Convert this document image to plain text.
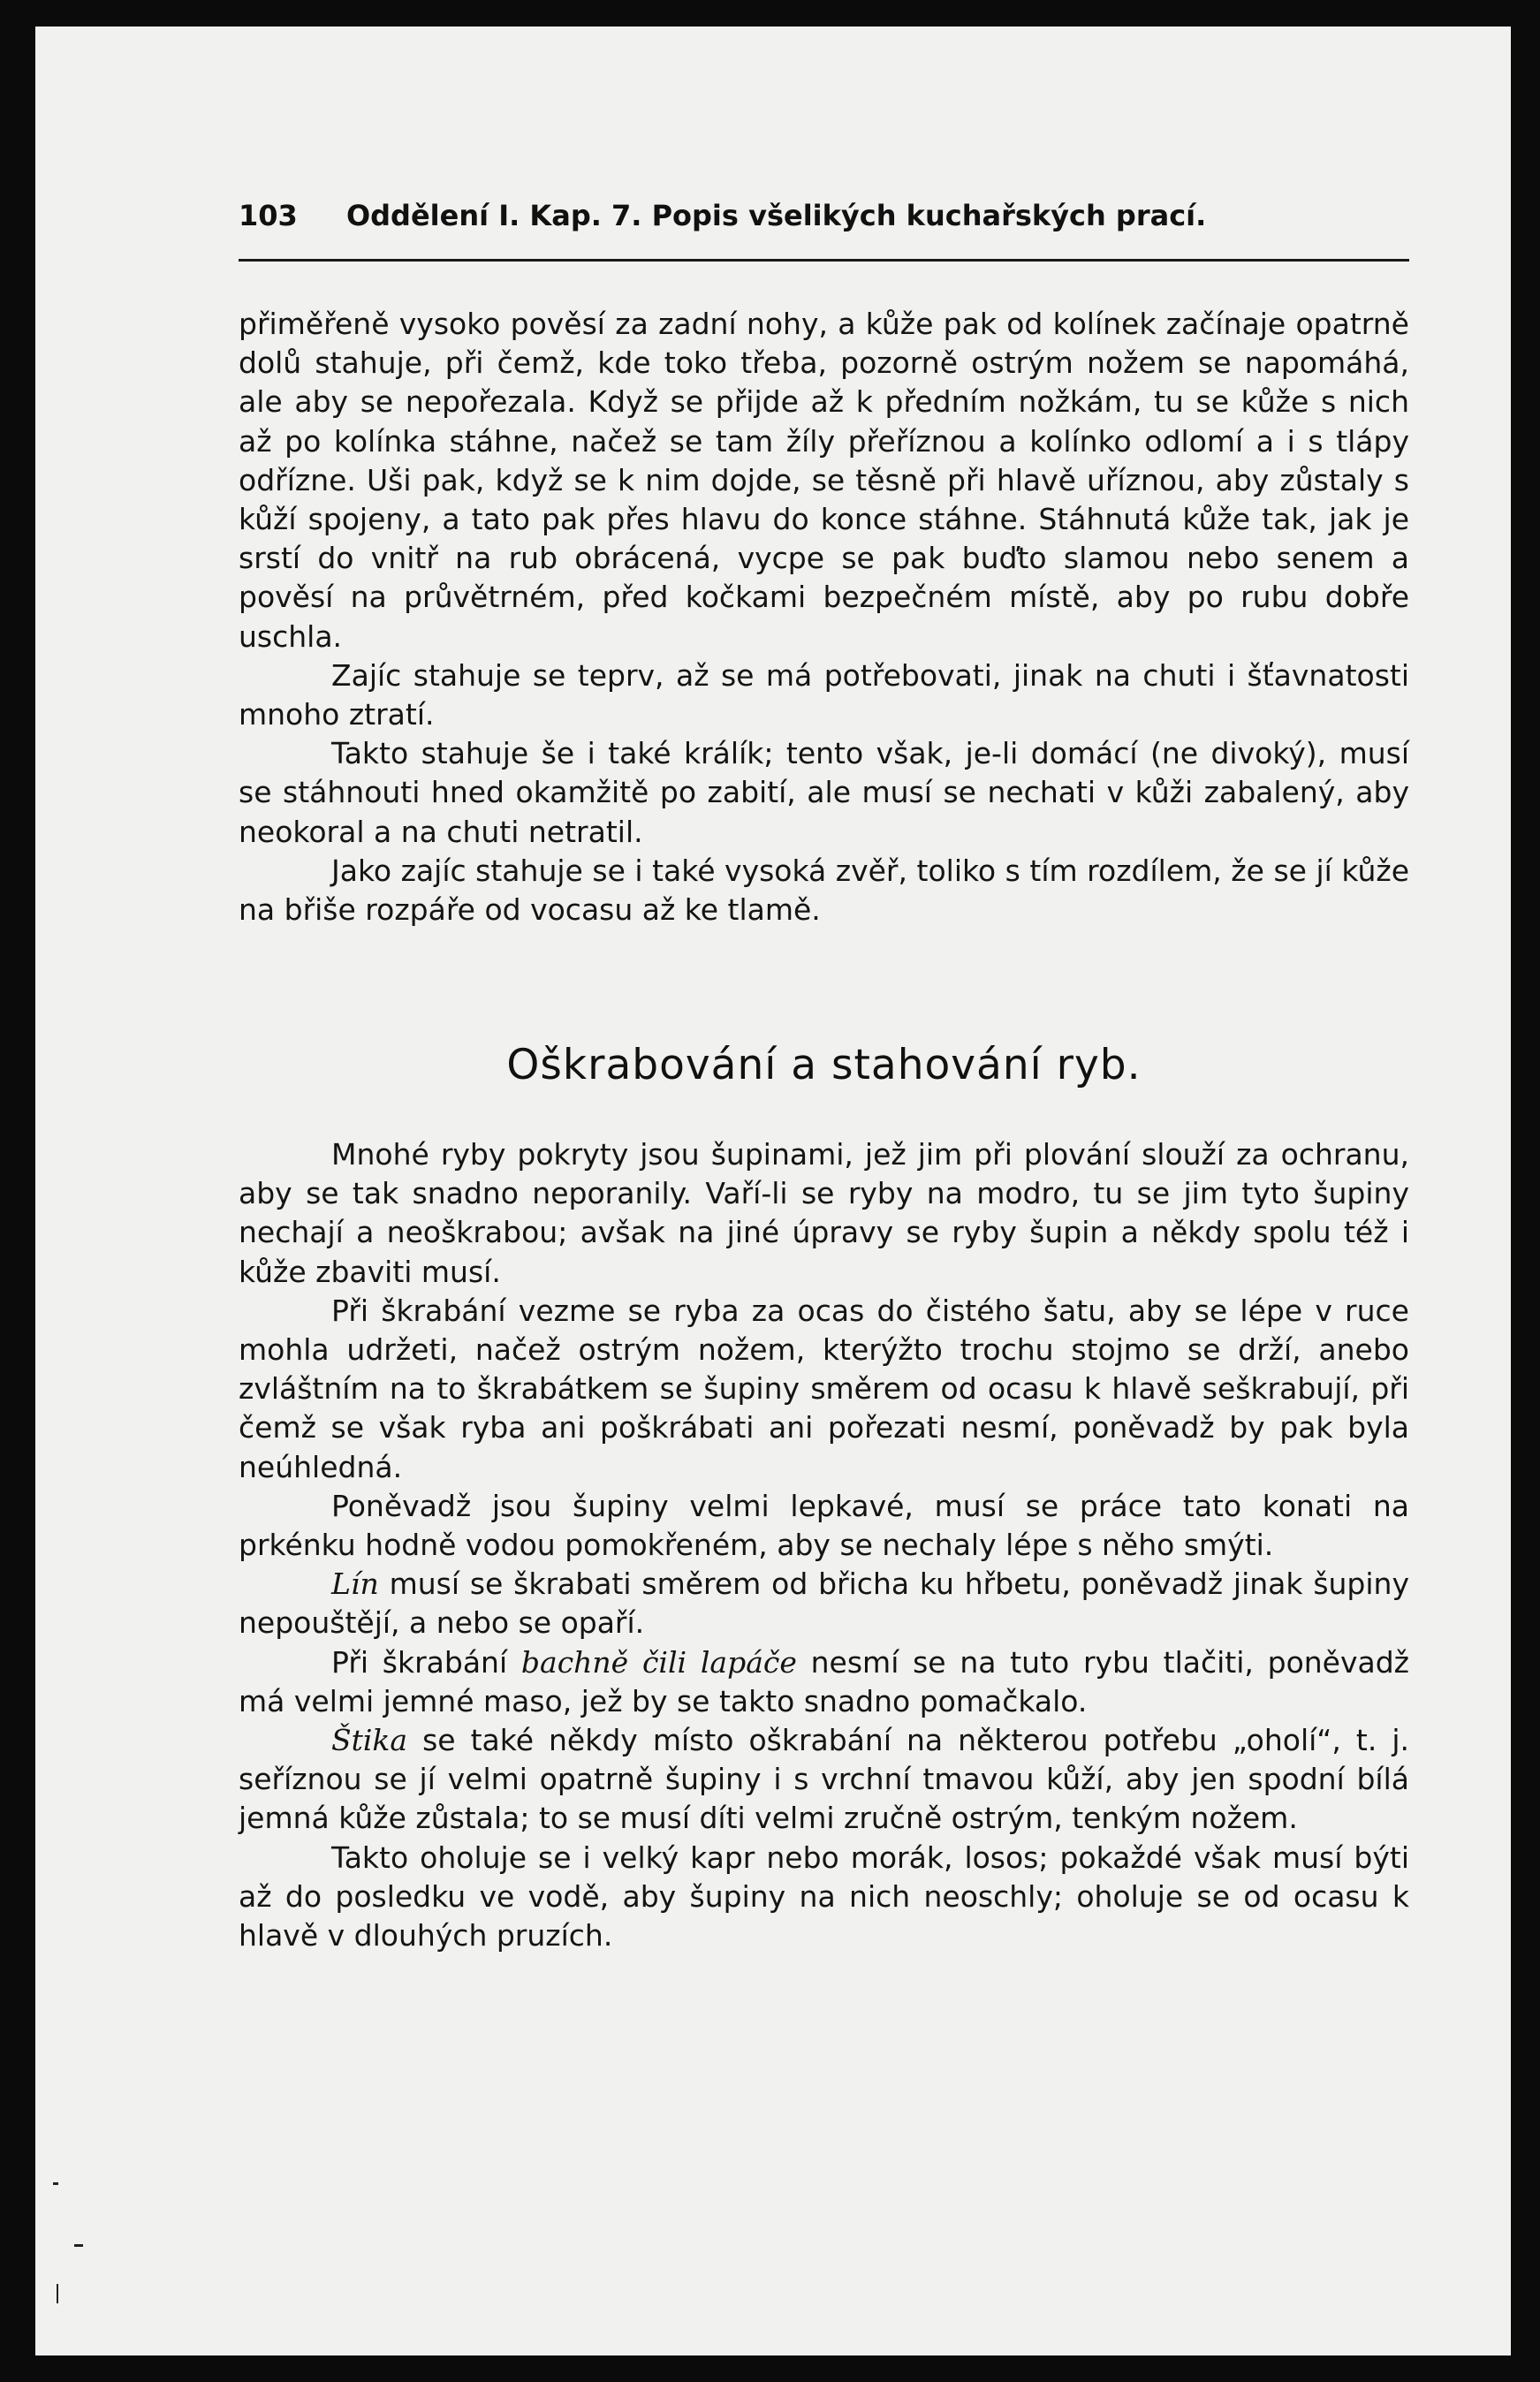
103 Oddělení I. Kap. 7. Popis všelikých kuchařských prací.

přiměřeně vysoko pověsí za zadní nohy, a kůže pak od kolínek začínaje opatrně dolů stahuje, při čemž, kde toko třeba, pozorně ostrým nožem se napomáhá, ale aby se nepořezala. Když se přijde až k předním nožkám, tu se kůže s nich až po kolínka stáhne, načež se tam žíly přeříznou a kolínko odlomí a i s tlápy odřízne. Uši pak, když se k nim dojde, se těsně při hlavě uříznou, aby zůstaly s kůží spojeny, a tato pak přes hlavu do konce stáhne. Stáhnutá kůže tak, jak je srstí do vnitř na rub obrácená, vycpe se pak buďto slamou nebo senem a pověsí na průvětrném, před kočkami bezpečném místě, aby po rubu dobře uschla.

Zajíc stahuje se teprv, až se má potřebovati, jinak na chuti i šťavnatosti mnoho ztratí.

Takto stahuje še i také králík; tento však, je-li domácí (ne divoký), musí se stáhnouti hned okamžitě po zabití, ale musí se nechati v kůži zabalený, aby neokoral a na chuti netratil.

Jako zajíc stahuje se i také vysoká zvěř, toliko s tím rozdílem, že se jí kůže na břiše rozpáře od vocasu až ke tlamě.

Oškrabování a stahování ryb.

Mnohé ryby pokryty jsou šupinami, jež jim při plování slouží za ochranu, aby se tak snadno neporanily. Vaří-li se ryby na modro, tu se jim tyto šupiny nechají a neoškrabou; avšak na jiné úpravy se ryby šupin a někdy spolu též i kůže zbaviti musí.

Při škrabání vezme se ryba za ocas do čistého šatu, aby se lépe v ruce mohla udržeti, načež ostrým nožem, kterýžto trochu stojmo se drží, anebo zvláštním na to škrabátkem se šupiny směrem od ocasu k hlavě seškrabují, při čemž se však ryba ani poškrábati ani pořezati nesmí, poněvadž by pak byla neúhledná.

Poněvadž jsou šupiny velmi lepkavé, musí se práce tato konati na prkénku hodně vodou pomokřeném, aby se nechaly lépe s něho smýti.

Lín musí se škrabati směrem od břicha ku hřbetu, poněvadž jinak šupiny nepouštějí, a nebo se opaří.

Při škrabání bachně čili lapáče nesmí se na tuto rybu tlačiti, poněvadž má velmi jemné maso, jež by se takto snadno pomačkalo.

Štika se také někdy místo oškrabání na některou potřebu „oholí“, t. j. seříznou se jí velmi opatrně šupiny i s vrchní tmavou kůží, aby jen spodní bílá jemná kůže zůstala; to se musí díti velmi zručně ostrým, tenkým nožem.

Takto oholuje se i velký kapr nebo morák, losos; pokaždé však musí býti až do posledku ve vodě, aby šupiny na nich neoschly; oholuje se od ocasu k hlavě v dlouhých pruzích.
